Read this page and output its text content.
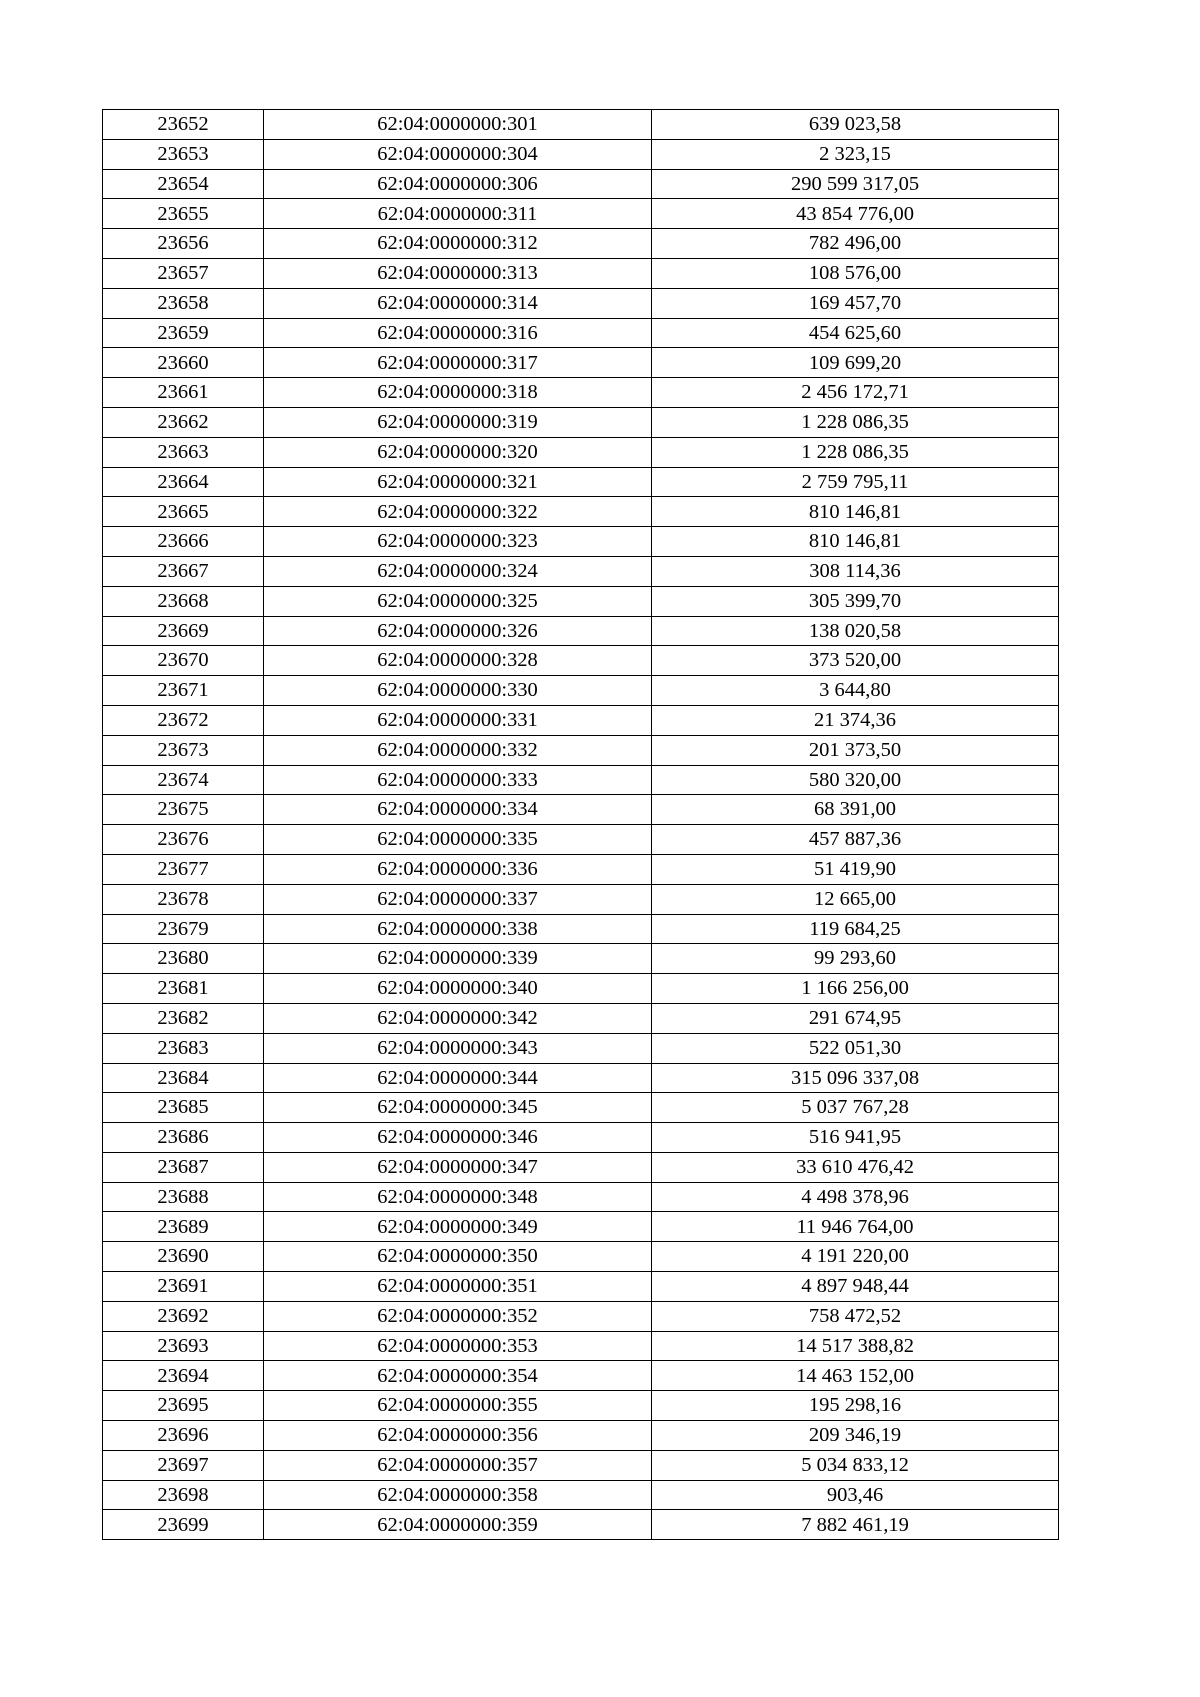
23652	62:04:0000000:301	639 023,58
23653	62:04:0000000:304	2 323,15
23654	62:04:0000000:306	290 599 317,05
23655	62:04:0000000:311	43 854 776,00
23656	62:04:0000000:312	782 496,00
23657	62:04:0000000:313	108 576,00
23658	62:04:0000000:314	169 457,70
23659	62:04:0000000:316	454 625,60
23660	62:04:0000000:317	109 699,20
23661	62:04:0000000:318	2 456 172,71
23662	62:04:0000000:319	1 228 086,35
23663	62:04:0000000:320	1 228 086,35
23664	62:04:0000000:321	2 759 795,11
23665	62:04:0000000:322	810 146,81
23666	62:04:0000000:323	810 146,81
23667	62:04:0000000:324	308 114,36
23668	62:04:0000000:325	305 399,70
23669	62:04:0000000:326	138 020,58
23670	62:04:0000000:328	373 520,00
23671	62:04:0000000:330	3 644,80
23672	62:04:0000000:331	21 374,36
23673	62:04:0000000:332	201 373,50
23674	62:04:0000000:333	580 320,00
23675	62:04:0000000:334	68 391,00
23676	62:04:0000000:335	457 887,36
23677	62:04:0000000:336	51 419,90
23678	62:04:0000000:337	12 665,00
23679	62:04:0000000:338	119 684,25
23680	62:04:0000000:339	99 293,60
23681	62:04:0000000:340	1 166 256,00
23682	62:04:0000000:342	291 674,95
23683	62:04:0000000:343	522 051,30
23684	62:04:0000000:344	315 096 337,08
23685	62:04:0000000:345	5 037 767,28
23686	62:04:0000000:346	516 941,95
23687	62:04:0000000:347	33 610 476,42
23688	62:04:0000000:348	4 498 378,96
23689	62:04:0000000:349	11 946 764,00
23690	62:04:0000000:350	4 191 220,00
23691	62:04:0000000:351	4 897 948,44
23692	62:04:0000000:352	758 472,52
23693	62:04:0000000:353	14 517 388,82
23694	62:04:0000000:354	14 463 152,00
23695	62:04:0000000:355	195 298,16
23696	62:04:0000000:356	209 346,19
23697	62:04:0000000:357	5 034 833,12
23698	62:04:0000000:358	903,46
23699	62:04:0000000:359	7 882 461,19
